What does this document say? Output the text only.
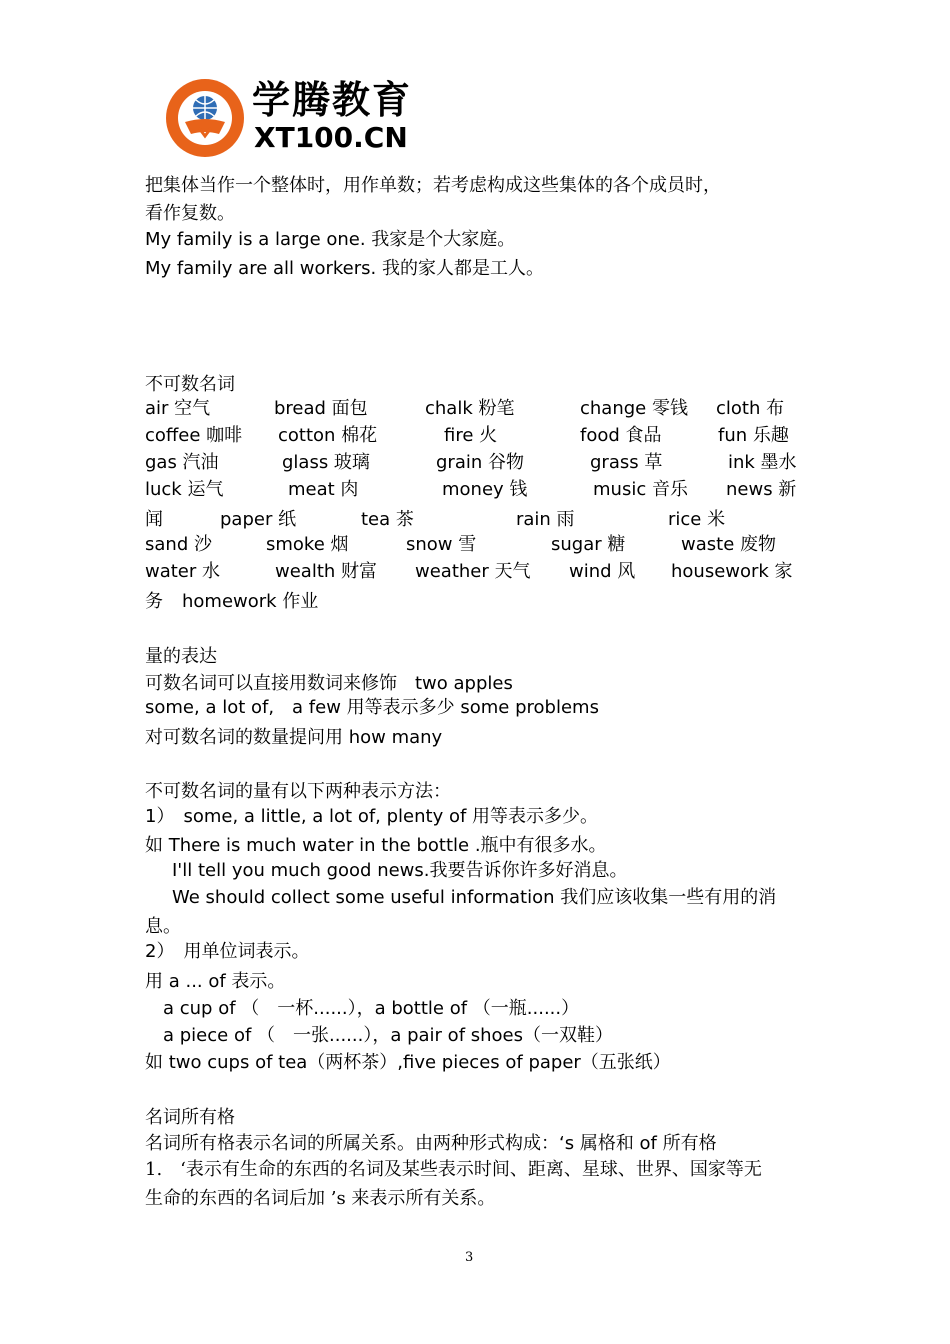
学腾教育
XT100.CN
把集体当作一个整体时，用作单数；若考虑构成这些集体的各个成员时，
看作复数。
My family is a large one. 我家是个大家庭。
My family are all workers. 我的家人都是工人。
不可数名词
air 空气	bread 面包	chalk 粉笔	change 零钱 cloth 布
coffee 咖啡 cotton 棉花	fire 火	food 食品	fun 乐趣
gas 汽油	glass 玻璃	grain 谷物	grass 草	ink 墨水
luck 运气	meat 肉	money 钱	music 音乐 news 新
闻	paper 纸	tea 茶	rain 雨	rice 米
sand 沙	smoke 烟	snow 雪	sugar 糖	waste 废物
water 水	wealth 财富 weather 天气 wind 风 housework 家
务 homework 作业
量的表达
可数名词可以直接用数词来修饰　two apples
some, a lot of,　a few 用等表示多少 some problems
对可数名词的数量提问用 how many
不可数名词的量有以下两种表示方法：
1）　some, a little, a lot of, plenty of 用等表示多少。
如 There is much water in the bottle .瓶中有很多水。
I'll tell you much good news.我要告诉你许多好消息。
We should collect some useful information 我们应该收集一些有用的消
息。
2）　用单位词表示。
用 a ... of 表示。
a cup of （　一杯......），a bottle of （一瓶......）
a piece of （　一张......），a pair of shoes（一双鞋）
如 two cups of tea（两杯茶）,five pieces of paper（五张纸）
名词所有格
名词所有格表示名词的所属关系。由两种形式构成：‘s 属格和 of 所有格
1.　‘表示有生命的东西的名词及某些表示时间、距离、星球、世界、国家等无
生命的东西的名词后加 ’s 来表示所有关系。
3
